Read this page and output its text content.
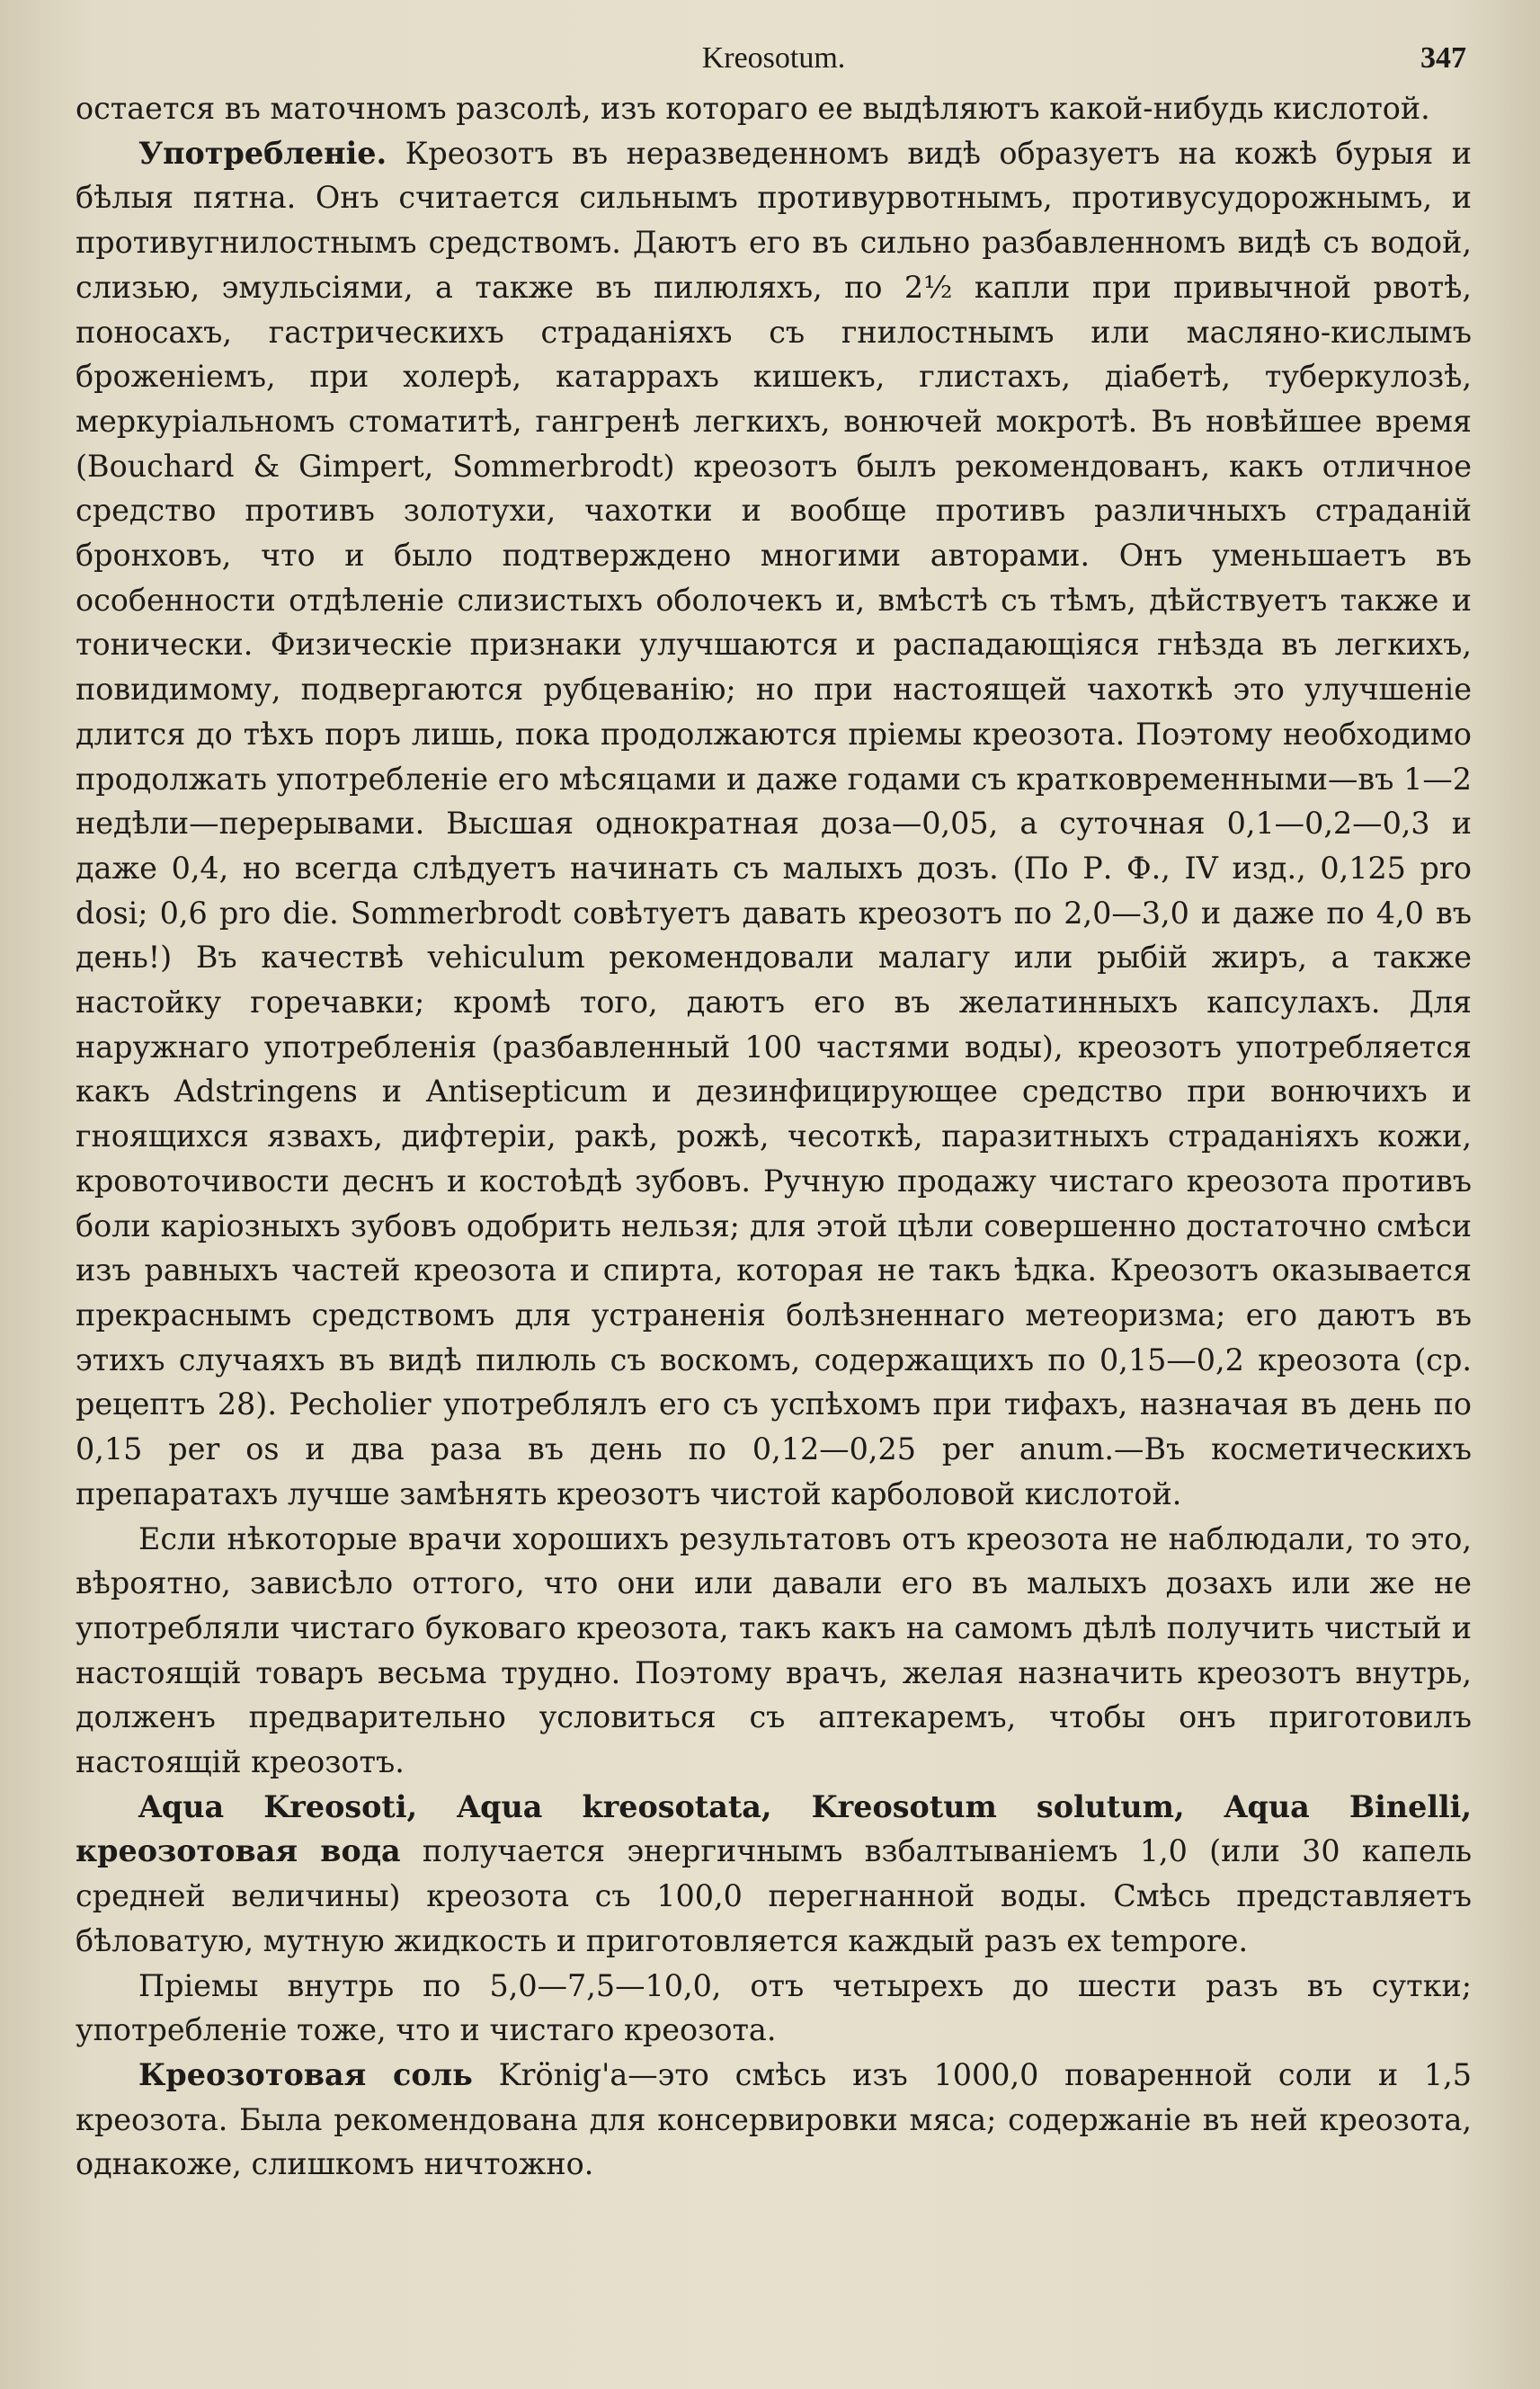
Kreosotum.	347

остается въ маточномъ разсолѣ, изъ котораго ее выдѣляютъ какой-нибудь кислотой.

Употребленіе. Креозотъ въ неразведенномъ видѣ образуетъ на кожѣ бурыя и бѣлыя пятна. Онъ считается сильнымъ противурвотнымъ, противусудорожнымъ, и противугнилостнымъ средствомъ. Даютъ его въ сильно разбавленномъ видѣ съ водой, слизью, эмульсіями, а также въ пилюляхъ, по 2½ капли при привычной рвотѣ, поносахъ, гастрическихъ страданіяхъ съ гнилостнымъ или масляно-кислымъ броженіемъ, при холерѣ, катаррахъ кишекъ, глистахъ, діабетѣ, туберкулозѣ, меркуріальномъ стоматитѣ, гангренѣ легкихъ, вонючей мокротѣ. Въ новѣйшее время (Bouchard & Gimpert, Sommerbrodt) креозотъ былъ рекомендованъ, какъ отличное средство противъ золотухи, чахотки и вообще противъ различныхъ страданій бронховъ, что и было подтверждено многими авторами. Онъ уменьшаетъ въ особенности отдѣленіе слизистыхъ оболочекъ и, вмѣстѣ съ тѣмъ, дѣйствуетъ также и тонически. Физическіе признаки улучшаются и распадающіяся гнѣзда въ легкихъ, повидимому, подвергаются рубцеванію; но при настоящей чахоткѣ это улучшеніе длится до тѣхъ поръ лишь, пока продолжаются пріемы креозота. Поэтому необходимо продолжать употребленіе его мѣсяцами и даже годами съ кратковременными—въ 1—2 недѣли—перерывами. Высшая однократная доза—0,05, а суточная 0,1—0,2—0,3 и даже 0,4, но всегда слѣдуетъ начинать съ малыхъ дозъ. (По Р. Ф., IV изд., 0,125 pro dosi; 0,6 pro die. Sommerbrodt совѣтуетъ давать креозотъ по 2,0—3,0 и даже по 4,0 въ день!) Въ качествѣ vehiculum рекомендовали малагу или рыбій жиръ, а также настойку горечавки; кромѣ того, даютъ его въ желатинныхъ капсулахъ. Для наружнаго употребленія (разбавленный 100 частями воды), креозотъ употребляется какъ Adstringens и Antisepticum и дезинфицирующее средство при вонючихъ и гноящихся язвахъ, дифтеріи, ракѣ, рожѣ, чесоткѣ, паразитныхъ страданіяхъ кожи, кровоточивости деснъ и костоѣдѣ зубовъ. Ручную продажу чистаго креозота противъ боли каріозныхъ зубовъ одобрить нельзя; для этой цѣли совершенно достаточно смѣси изъ равныхъ частей креозота и спирта, которая не такъ ѣдка. Креозотъ оказывается прекраснымъ средствомъ для устраненія болѣзненнаго метеоризма; его даютъ въ этихъ случаяхъ въ видѣ пилюль съ воскомъ, содержащихъ по 0,15—0,2 креозота (ср. рецептъ 28). Pecholier употреблялъ его съ успѣхомъ при тифахъ, назначая въ день по 0,15 per os и два раза въ день по 0,12—0,25 per anum.—Въ косметическихъ препаратахъ лучше замѣнять креозотъ чистой карболовой кислотой.

Если нѣкоторые врачи хорошихъ результатовъ отъ креозота не наблюдали, то это, вѣроятно, зависѣло оттого, что они или давали его въ малыхъ дозахъ или же не употребляли чистаго буковаго креозота, такъ какъ на самомъ дѣлѣ получить чистый и настоящій товаръ весьма трудно. Поэтому врачъ, желая назначить креозотъ внутрь, долженъ предварительно условиться съ аптекаремъ, чтобы онъ приготовилъ настоящій креозотъ.

Aqua Kreosoti, Aqua kreosotata, Kreosotum solutum, Aqua Binelli, креозотовая вода получается энергичнымъ взбалтываніемъ 1,0 (или 30 капель средней величины) креозота съ 100,0 перегнанной воды. Смѣсь представляетъ бѣловатую, мутную жидкость и приготовляется каждый разъ ex tempore.

Пріемы внутрь по 5,0—7,5—10,0, отъ четырехъ до шести разъ въ сутки; употребленіе тоже, что и чистаго креозота.

Креозотовая соль Krönig'a—это смѣсь изъ 1000,0 поваренной соли и 1,5 креозота. Была рекомендована для консервировки мяса; содержаніе въ ней креозота, однакоже, слишкомъ ничтожно.
